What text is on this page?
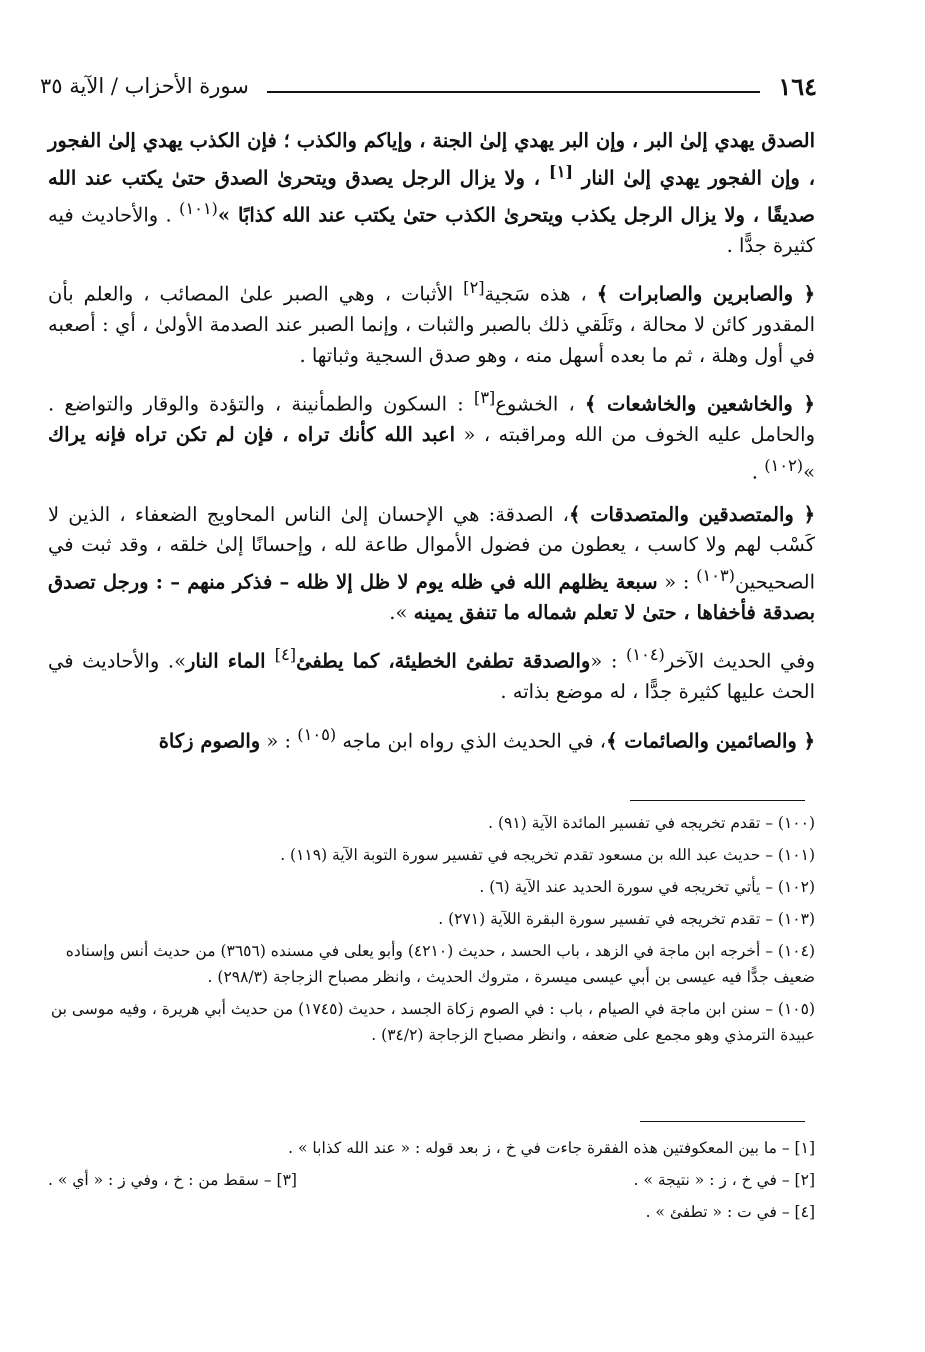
١٦٤
سورة الأحزاب / الآية ٣٥

الصدق يهدي إلىٰ البر ، وإن البر يهدي إلىٰ الجنة ، وإياكم والكذب ؛ فإن الكذب يهدي إلىٰ الفجور ، وإن الفجور يهدي إلىٰ النار [١] ، ولا يزال الرجل يصدق ويتحرىٰ الصدق حتىٰ يكتب عند الله صديقًا ، ولا يزال الرجل يكذب ويتحرىٰ الكذب حتىٰ يكتب عند الله كذابًا »$^{(١٠١)}$ . والأحاديث فيه كثيرة جدًّا .

﴿ والصابرين والصابرات ﴾ ، هذه سَجية[٢] الأثبات ، وهي الصبر علىٰ المصائب ، والعلم بأن المقدور كائن لا محالة ، وتَلَقي ذلك بالصبر والثبات ، وإنما الصبر عند الصدمة الأولىٰ ، أي : أصعبه في أول وهلة ، ثم ما بعده أسهل منه ، وهو صدق السجية وثباتها .

﴿ والخاشعين والخاشعات ﴾ ، الخشوع[٣] : السكون والطمأنينة ، والتؤدة والوقار والتواضع . والحامل عليه الخوف من الله ومراقبته ، « اعبد الله كأنك تراه ، فإن لم تكن تراه فإنه يراك »$^{(١٠٢)}$ .

﴿ والمتصدقين والمتصدقات ﴾، الصدقة: هي الإحسان إلىٰ الناس المحاويج الضعفاء ، الذين لا كَسْب لهم ولا كاسب ، يعطون من فضول الأموال طاعة لله ، وإحسانًا إلىٰ خلقه ، وقد ثبت في الصحيحين$^{(١٠٣)}$ : « سبعة يظلهم الله في ظله يوم لا ظل إلا ظله – فذكر منهم – : ورجل تصدق بصدقة فأخفاها ، حتىٰ لا تعلم شماله ما تنفق يمينه ».

وفي الحديث الآخر$^{(١٠٤)}$ : «والصدقة تطفئ الخطيئة، كما يطفئ[٤] الماء النار». والأحاديث في الحث عليها كثيرة جدًّا ، له موضع بذاته .

﴿ والصائمين والصائمات ﴾، في الحديث الذي رواه ابن ماجه $^{(١٠٥)}$ : « والصوم زكاة

(١٠٠) – تقدم تخريجه في تفسير المائدة الآية (٩١) .

(١٠١) – حديث عبد الله بن مسعود تقدم تخريجه في تفسير سورة التوبة الآية (١١٩) .

(١٠٢) – يأتي تخريجه في سورة الحديد عند الآية (٦) .

(١٠٣) – تقدم تخريجه في تفسير سورة البقرة اللآية (٢٧١) .

(١٠٤) – أخرجه ابن ماجة في الزهد ، باب الحسد ، حديث (٤٢١٠) وأبو يعلى في مسنده (٣٦٥٦) من حديث أنس وإسناده ضعيف جدًّا فيه عيسى بن أبي عيسى ميسرة ، متروك الحديث ، وانظر مصباح الزجاجة (٢٩٨/٣) .

(١٠٥) – سنن ابن ماجة في الصيام ، باب : في الصوم زكاة الجسد ، حديث (١٧٤٥) من حديث أبي هريرة ، وفيه موسى بن عبيدة الترمذي وهو مجمع على ضعفه ، وانظر مصباح الزجاجة (٣٤/٢) .

[١] – ما بين المعكوفتين هذه الفقرة جاءت في خ ، ز بعد قوله : « عند الله كذابا » .
[٢] – في خ ، ز : « نتيجة » .
[٣] – سقط من : خ ، وفي ز : « أي » .
[٤] – في ت : « تطفئ » .
